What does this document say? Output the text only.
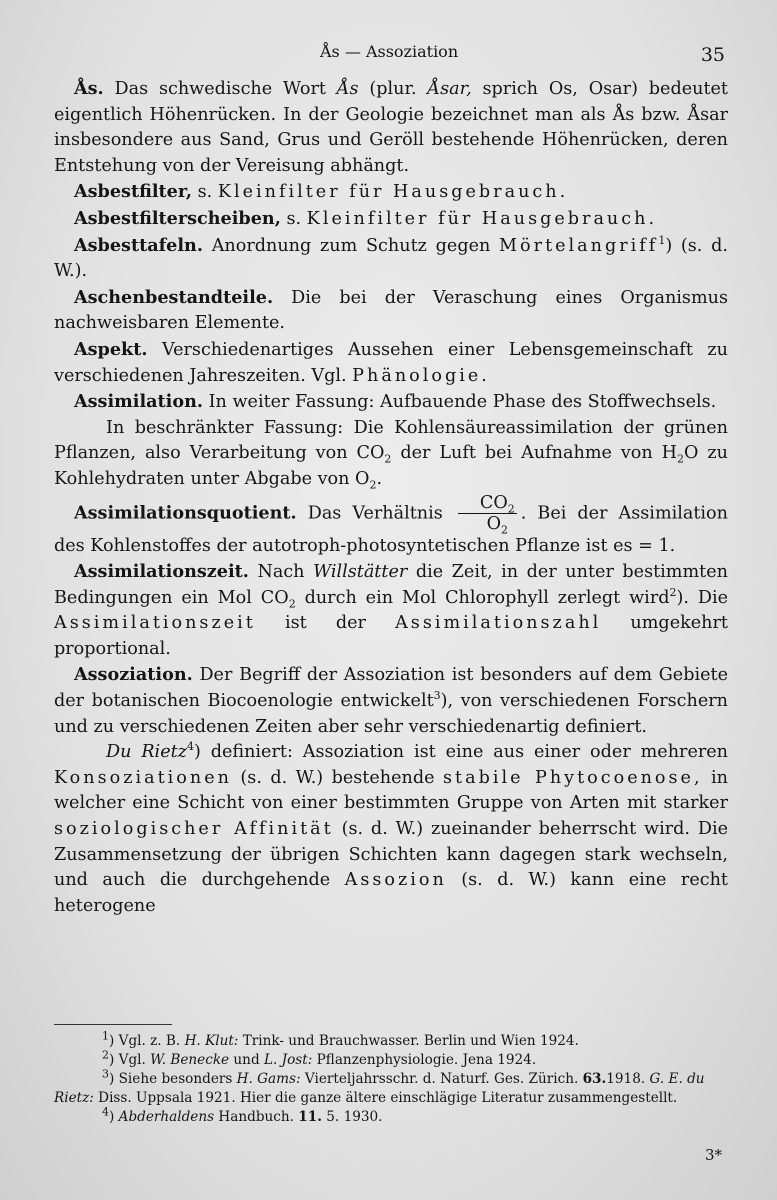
Ås — Assoziation	35

Ås. Das schwedische Wort Ås (plur. Åsar, sprich Os, Osar) bedeutet eigentlich Höhenrücken. In der Geologie bezeichnet man als Ås bzw. Åsar insbesondere aus Sand, Grus und Geröll bestehende Höhenrücken, deren Entstehung von der Vereisung abhängt.

Asbestfilter, s. Kleinfilter für Hausgebrauch.

Asbestfilterscheiben, s. Kleinfilter für Hausgebrauch.

Asbesttafeln. Anordnung zum Schutz gegen Mörtelangriff$^1$) (s. d. W.).

Aschenbestandteile. Die bei der Veraschung eines Organismus nachweisbaren Elemente.

Aspekt. Verschiedenartiges Aussehen einer Lebensgemeinschaft zu verschiedenen Jahreszeiten. Vgl. Phänologie.

Assimilation. In weiter Fassung: Aufbauende Phase des Stoffwechsels.

In beschränkter Fassung: Die Kohlensäureassimilation der grünen Pflanzen, also Verarbeitung von $CO_2$ der Luft bei Aufnahme von $H_2O$ zu Kohlehydraten unter Abgabe von $O_2$.

Assimilationsquotient. Das Verhältnis $\frac{CO_2}{O_2}$ . Bei der Assimilation des Kohlenstoffes der autotroph-photosyntetischen Pflanze ist es = 1.

Assimilationszeit. Nach Willstätter die Zeit, in der unter bestimmten Bedingungen ein Mol $CO_2$ durch ein Mol Chlorophyll zerlegt wird$^2$). Die Assimilationszeit ist der Assimilationszahl umgekehrt proportional.

Assoziation. Der Begriff der Assoziation ist besonders auf dem Gebiete der botanischen Biocoenologie entwickelt$^3$), von verschiedenen Forschern und zu verschiedenen Zeiten aber sehr verschiedenartig definiert.

Du Rietz$^4$) definiert: Assoziation ist eine aus einer oder mehreren Konsoziationen (s. d. W.) bestehende stabile Phytocoenose, in welcher eine Schicht von einer bestimmten Gruppe von Arten mit starker soziologischer Affinität (s. d. W.) zueinander beherrscht wird. Die Zusammensetzung der übrigen Schichten kann dagegen stark wechseln, und auch die durchgehende Assozion (s. d. W.) kann eine recht heterogene

$^1$) Vgl. z. B. H. Klut: Trink- und Brauchwasser. Berlin und Wien 1924.

$^2$) Vgl. W. Benecke und L. Jost: Pflanzenphysiologie. Jena 1924.

$^3$) Siehe besonders H. Gams: Vierteljahrsschr. d. Naturf. Ges. Zürich. 63.1918. G. E. du Rietz: Diss. Uppsala 1921. Hier die ganze ältere einschlägige Literatur zusammengestellt.

$^4$) Abderhaldens Handbuch. 11. 5. 1930.

3*
